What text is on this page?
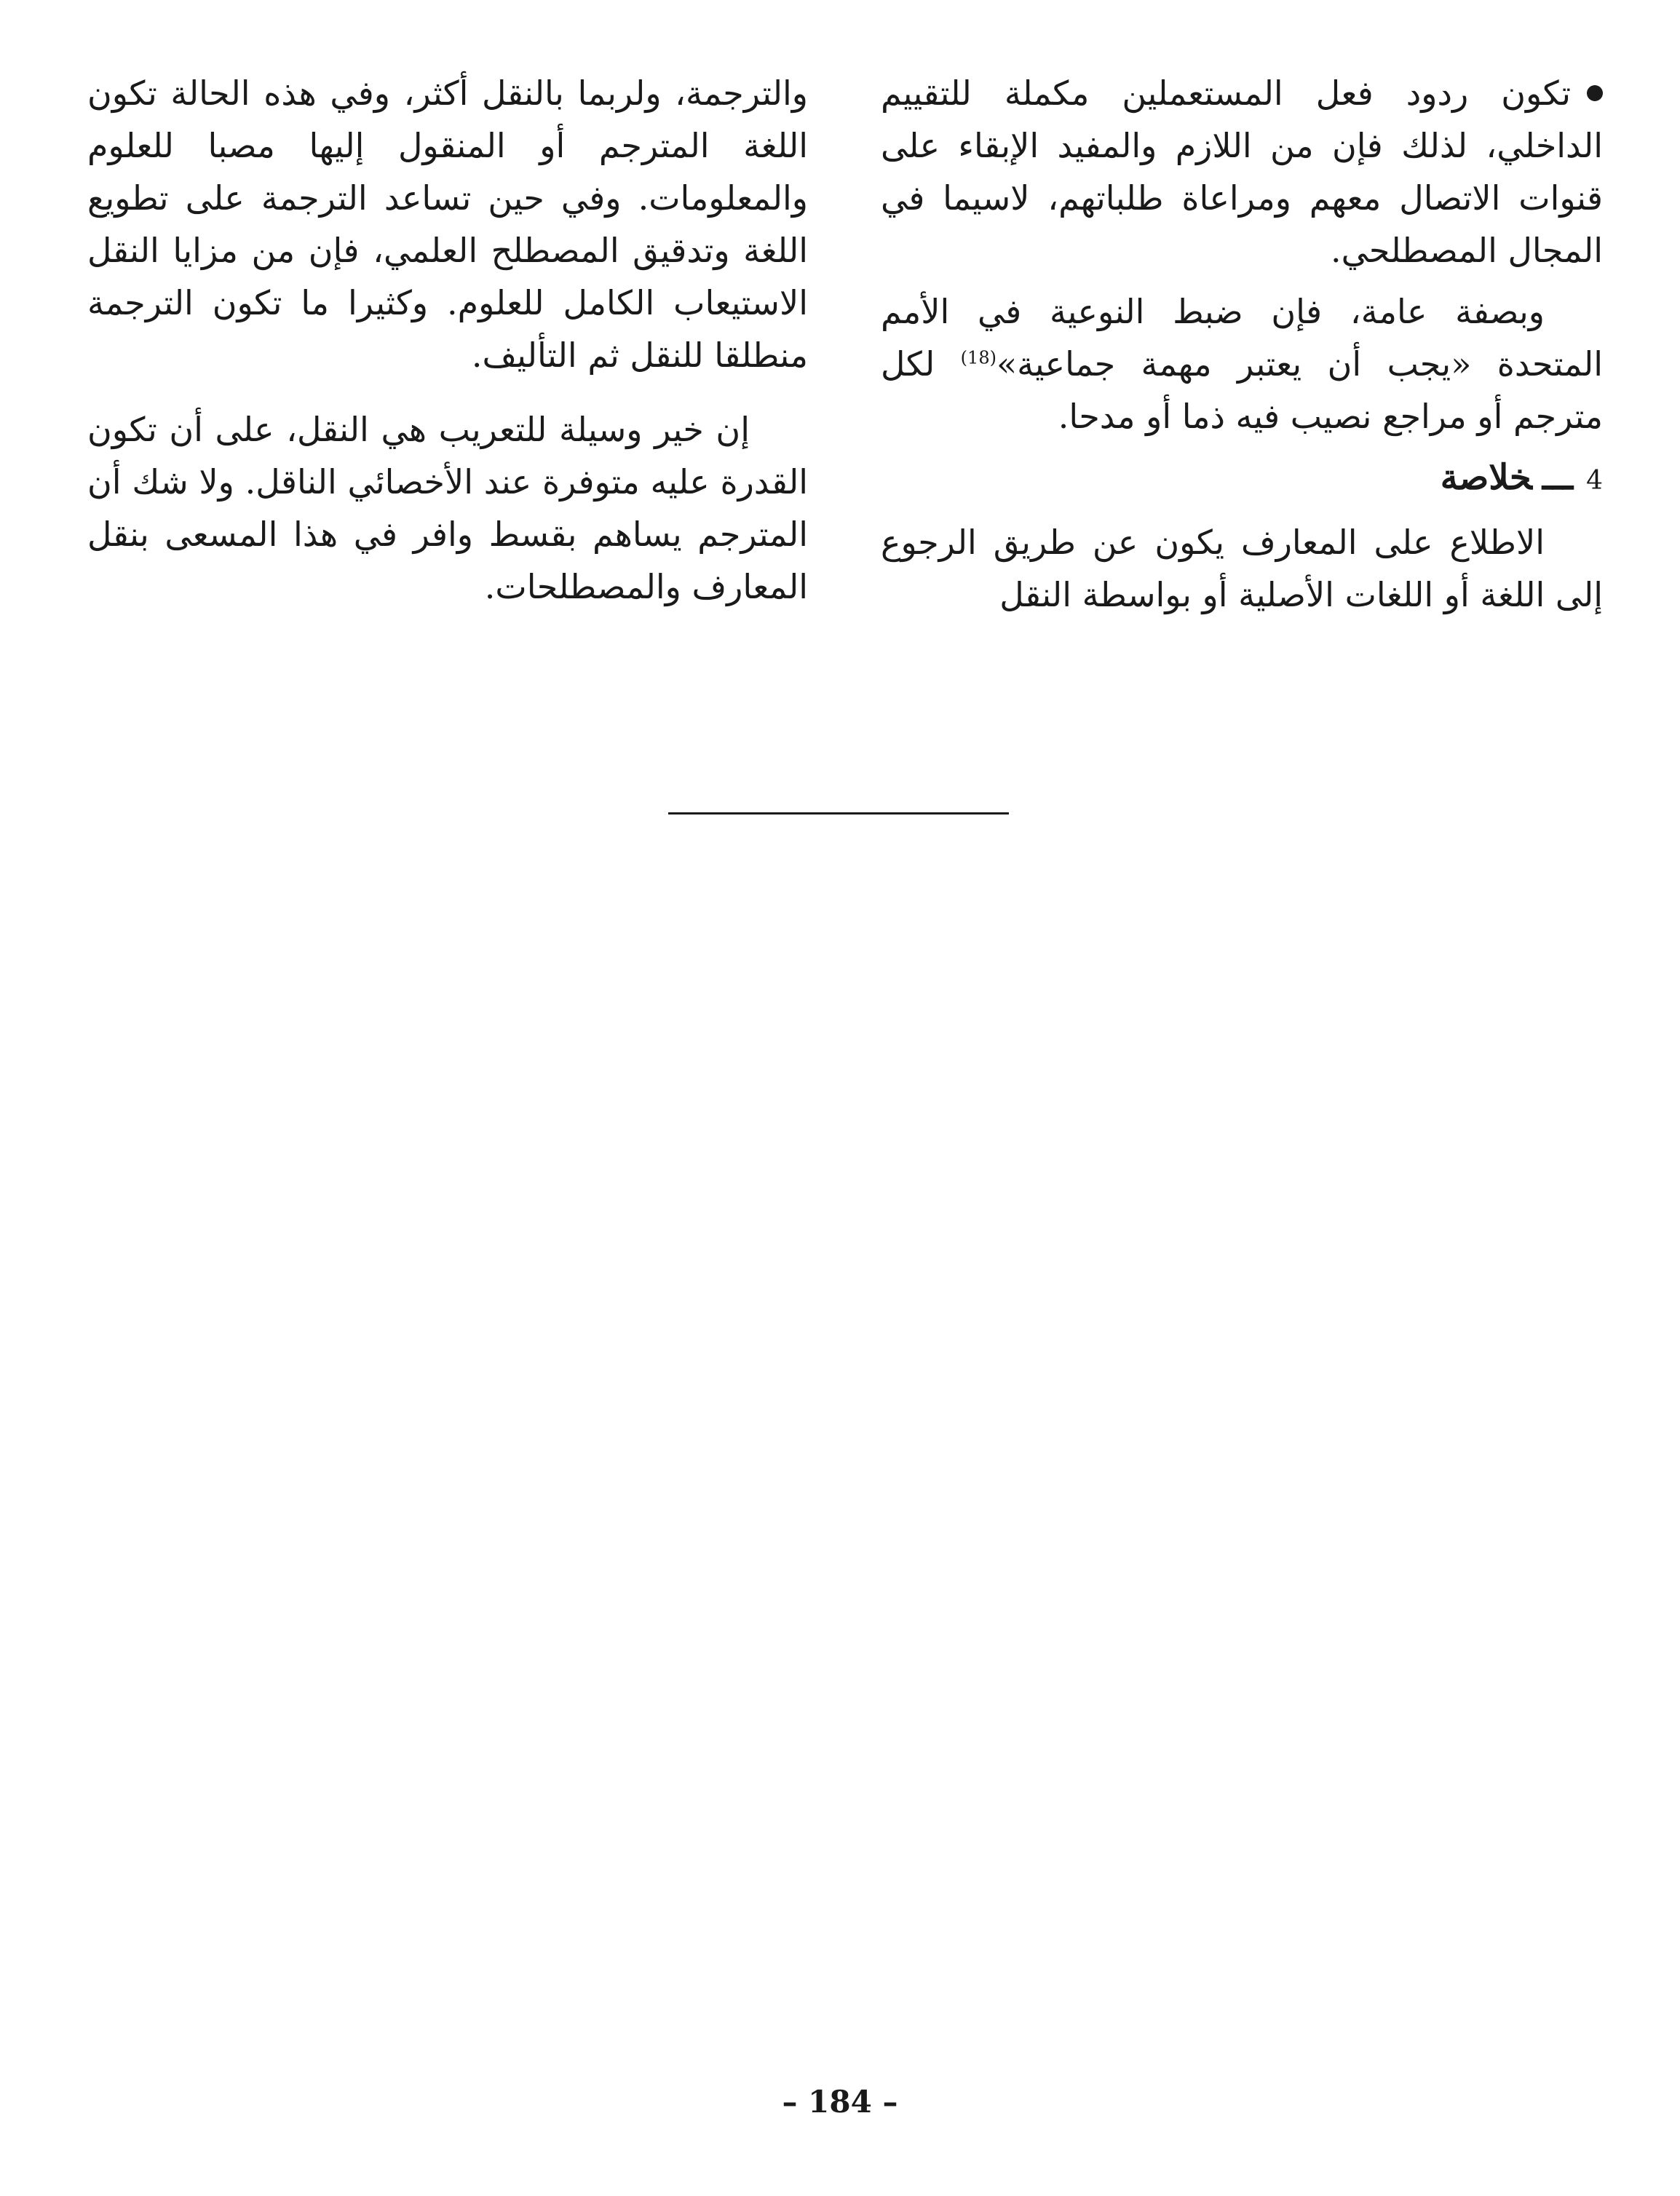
تكون ردود فعل المستعملين مكملة للتقييم الداخلي، لذلك فإن من اللازم والمفيد الإبقاء على قنوات الاتصال معهم ومراعاة طلباتهم، لاسيما في المجال المصطلحي.

وبصفة عامة، فإن ضبط النوعية في الأمم المتحدة «يجب أن يعتبر مهمة جماعية»$^{(18)}$ لكل مترجم أو مراجع نصيب فيه ذما أو مدحا.

4ـــخلاصة

الاطلاع على المعارف يكون عن طريق الرجوع إلى اللغة أو اللغات الأصلية أو بواسطة النقل

والترجمة، ولربما بالنقل أكثر، وفي هذه الحالة تكون اللغة المترجم أو المنقول إليها مصبا للعلوم والمعلومات. وفي حين تساعد الترجمة على تطويع اللغة وتدقيق المصطلح العلمي، فإن من مزايا النقل الاستيعاب الكامل للعلوم. وكثيرا ما تكون الترجمة منطلقا للنقل ثم التأليف.

إن خير وسيلة للتعريب هي النقل، على أن تكون القدرة عليه متوفرة عند الأخصائي الناقل. ولا شك أن المترجم يساهم بقسط وافر في هذا المسعى بنقل المعارف والمصطلحات.

– 184 –
